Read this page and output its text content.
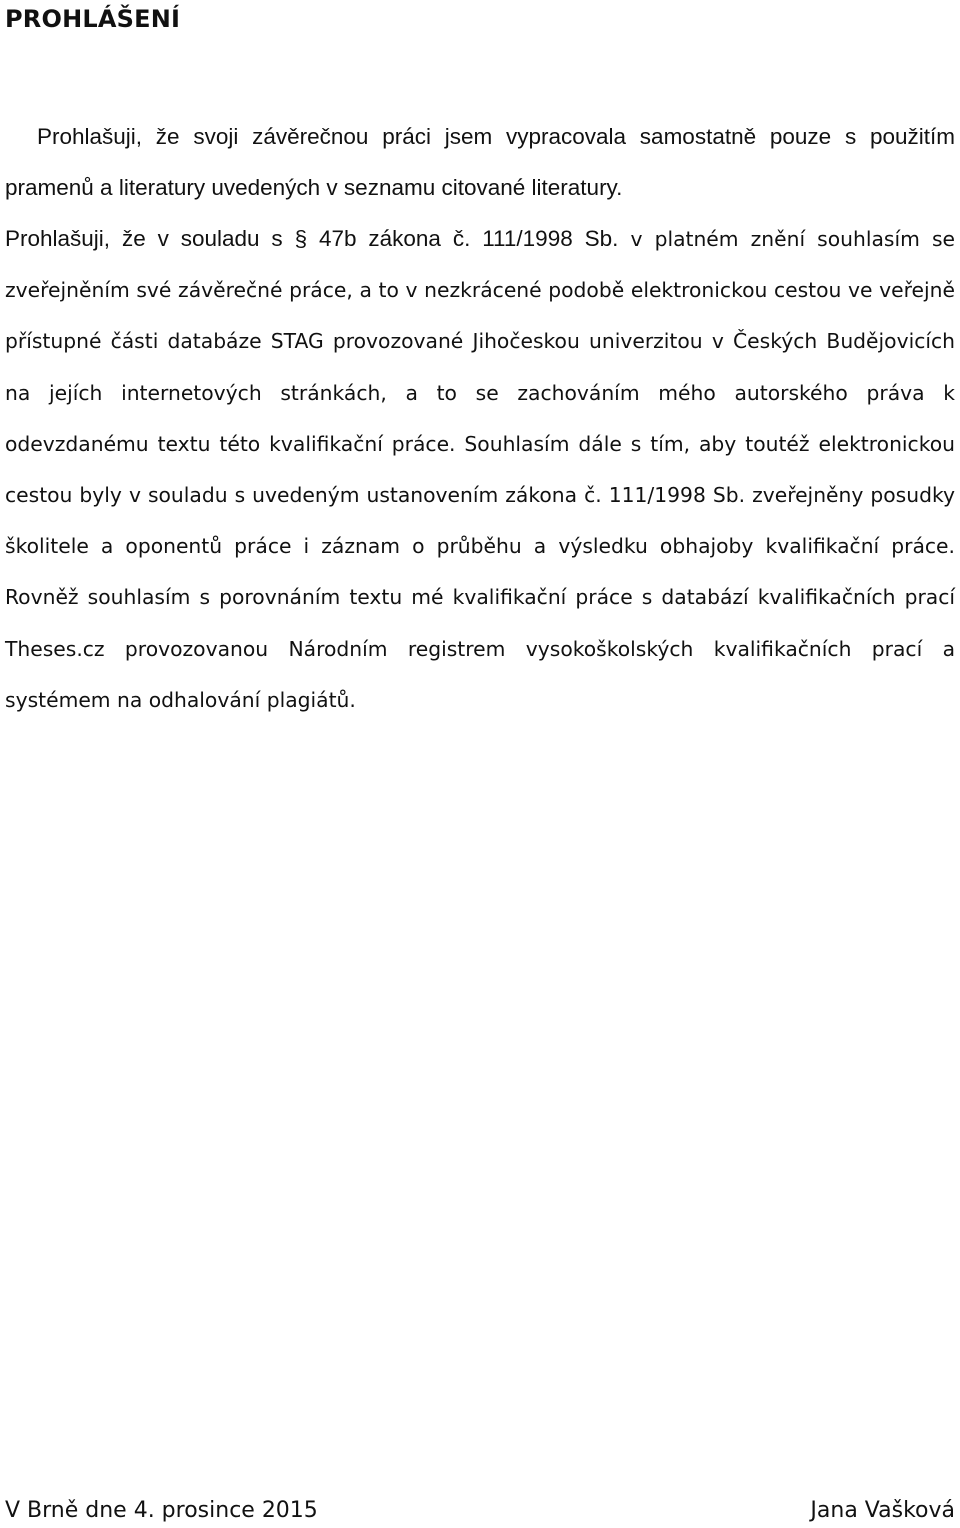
PROHLÁŠENÍ

Prohlašuji, že svoji závěrečnou práci jsem vypracovala samostatně pouze s použitím pramenů a literatury uvedených v seznamu citované literatury.

Prohlašuji, že v souladu s § 47b zákona č. 111/1998 Sb. v platném znění souhlasím se zveřejněním své závěrečné práce, a to v nezkrácené podobě elektronickou cestou ve veřejně přístupné části databáze STAG provozované Jihočeskou univerzitou v Českých Budějovicích na jejích internetových stránkách, a to se zachováním mého autorského práva k odevzdanému textu této kvalifikační práce. Souhlasím dále s tím, aby toutéž elektronickou cestou byly v souladu s uvedeným ustanovením zákona č. 111/1998 Sb. zveřejněny posudky školitele a oponentů práce i záznam o průběhu a výsledku obhajoby kvalifikační práce. Rovněž souhlasím s porovnáním textu mé kvalifikační práce s databází kvalifikačních prací Theses.cz provozovanou Národním registrem vysokoškolských kvalifikačních prací a systémem na odhalování plagiátů.

V Brně dne 4. prosince 2015	Jana Vašková
